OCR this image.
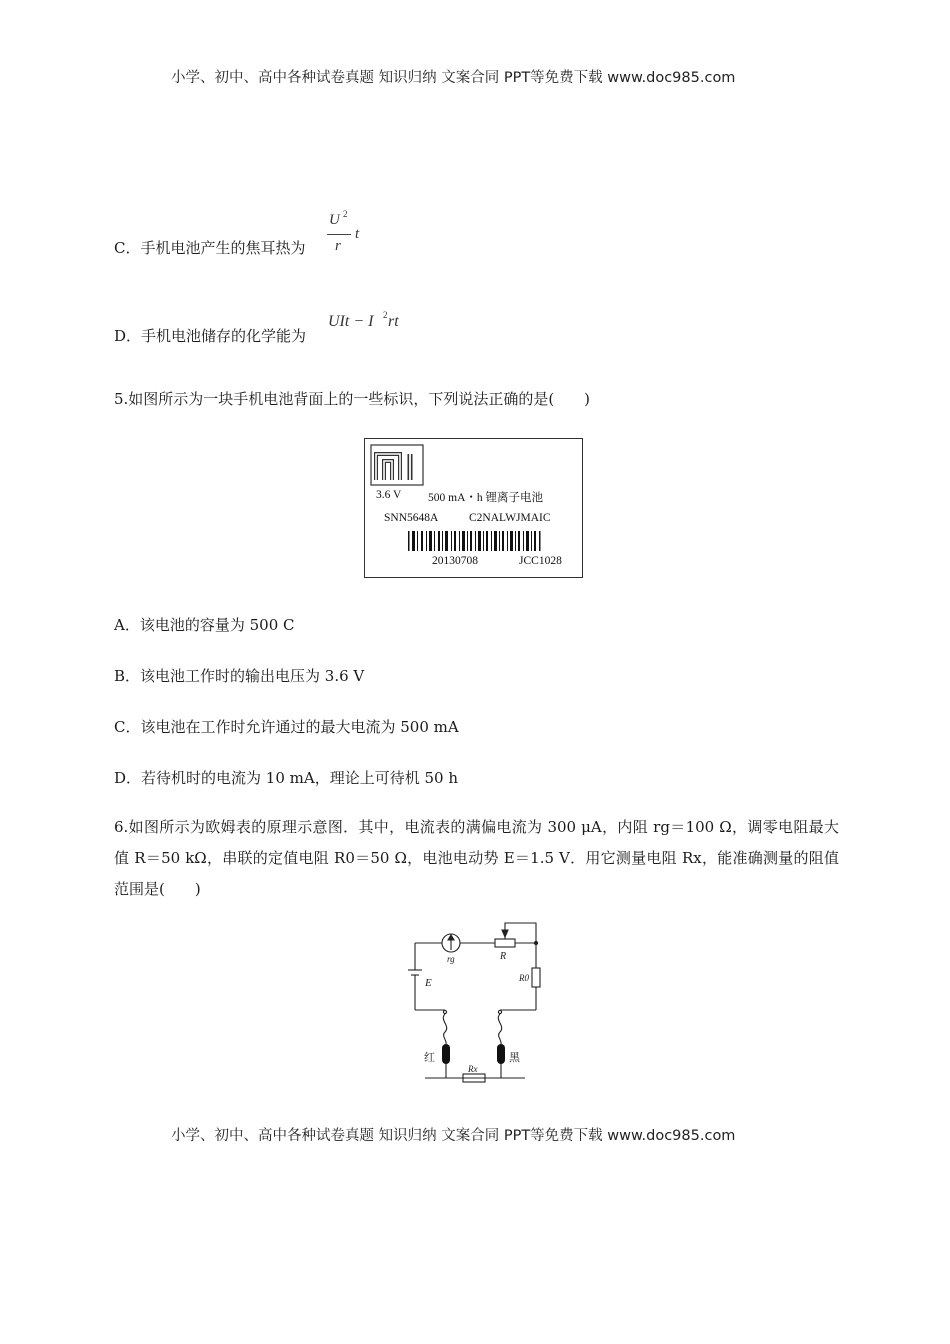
小学、初中、高中各种试卷真题 知识归纳 文案合同 PPT等免费下载 www.doc985.com
C．手机电池产生的焦耳热为
U 2
r
t
D．手机电池储存的化学能为
UIt − I 2 rt
5.如图所示为一块手机电池背面上的一些标识，下列说法正确的是(　　)
3.6 V 500 mA・h 锂离子电池
SNN5648A	C2NALWJMAIC
20130708	JCC1028
A．该电池的容量为 500 C
B．该电池工作时的输出电压为 3.6 V
C．该电池在工作时允许通过的最大电流为 500 mA
D．若待机时的电流为 10 mA，理论上可待机 50 h
6.如图所示为欧姆表的原理示意图．其中，电流表的满偏电流为 300 μA，内阻 rg＝100 Ω，调零电阻最大值 R＝50 kΩ，串联的定值电阻 R0＝50 Ω，电池电动势 E＝1.5 V．用它测量电阻 Rx，能准确测量的阻值范围是(　　)
rg	R
R0
E
红	黑
Rx
小学、初中、高中各种试卷真题 知识归纳 文案合同 PPT等免费下载 www.doc985.com
